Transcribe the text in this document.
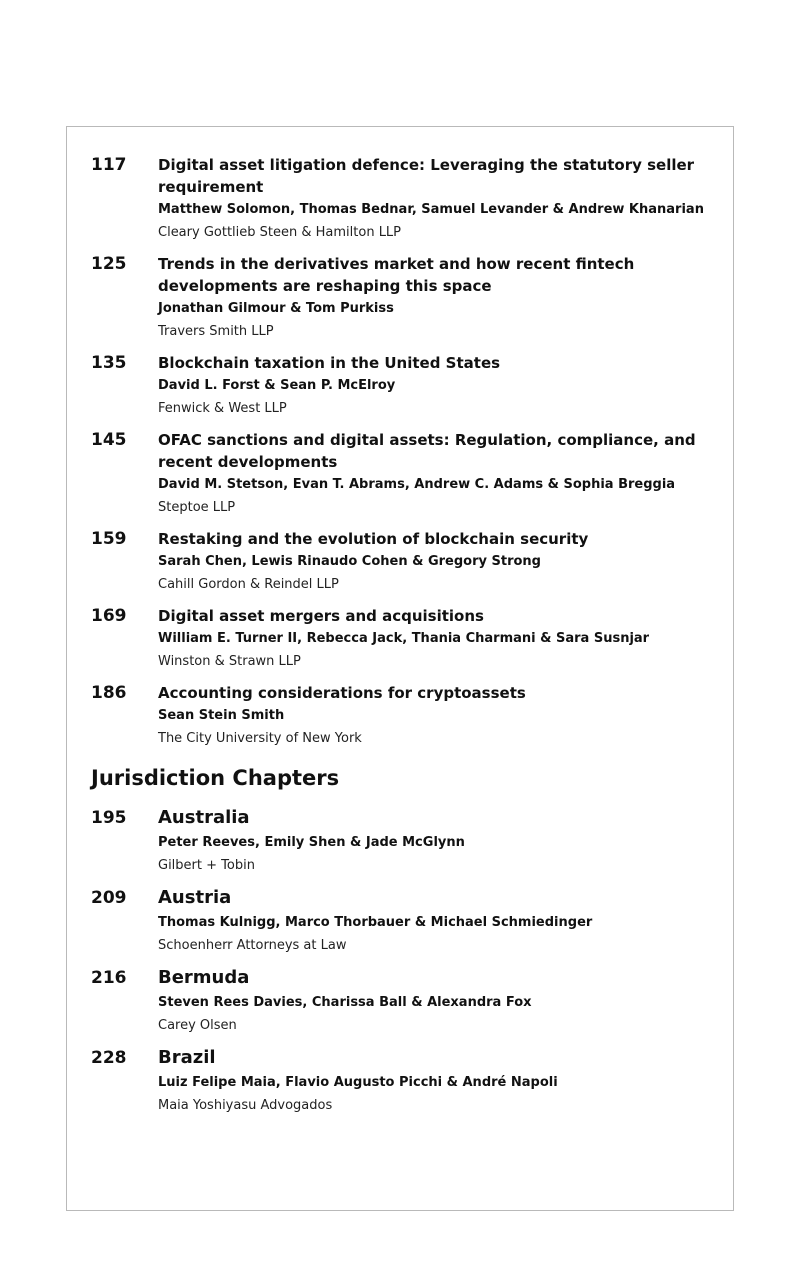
117	Digital asset litigation defence: Leveraging the statutory seller requirement
Matthew Solomon, Thomas Bednar, Samuel Levander & Andrew Khanarian
Cleary Gottlieb Steen & Hamilton LLP
125	Trends in the derivatives market and how recent fintech developments are reshaping this space
Jonathan Gilmour & Tom Purkiss
Travers Smith LLP
135	Blockchain taxation in the United States
David L. Forst & Sean P. McElroy
Fenwick & West LLP
145	OFAC sanctions and digital assets: Regulation, compliance, and recent developments
David M. Stetson, Evan T. Abrams, Andrew C. Adams & Sophia Breggia
Steptoe LLP
159	Restaking and the evolution of blockchain security
Sarah Chen, Lewis Rinaudo Cohen & Gregory Strong
Cahill Gordon & Reindel LLP
169	Digital asset mergers and acquisitions
William E. Turner II, Rebecca Jack, Thania Charmani & Sara Susnjar
Winston & Strawn LLP
186	Accounting considerations for cryptoassets
Sean Stein Smith
The City University of New York
Jurisdiction Chapters
195	Australia
Peter Reeves, Emily Shen & Jade McGlynn
Gilbert + Tobin
209	Austria
Thomas Kulnigg, Marco Thorbauer & Michael Schmiedinger
Schoenherr Attorneys at Law
216	Bermuda
Steven Rees Davies, Charissa Ball & Alexandra Fox
Carey Olsen
228	Brazil
Luiz Felipe Maia, Flavio Augusto Picchi & André Napoli
Maia Yoshiyasu Advogados
